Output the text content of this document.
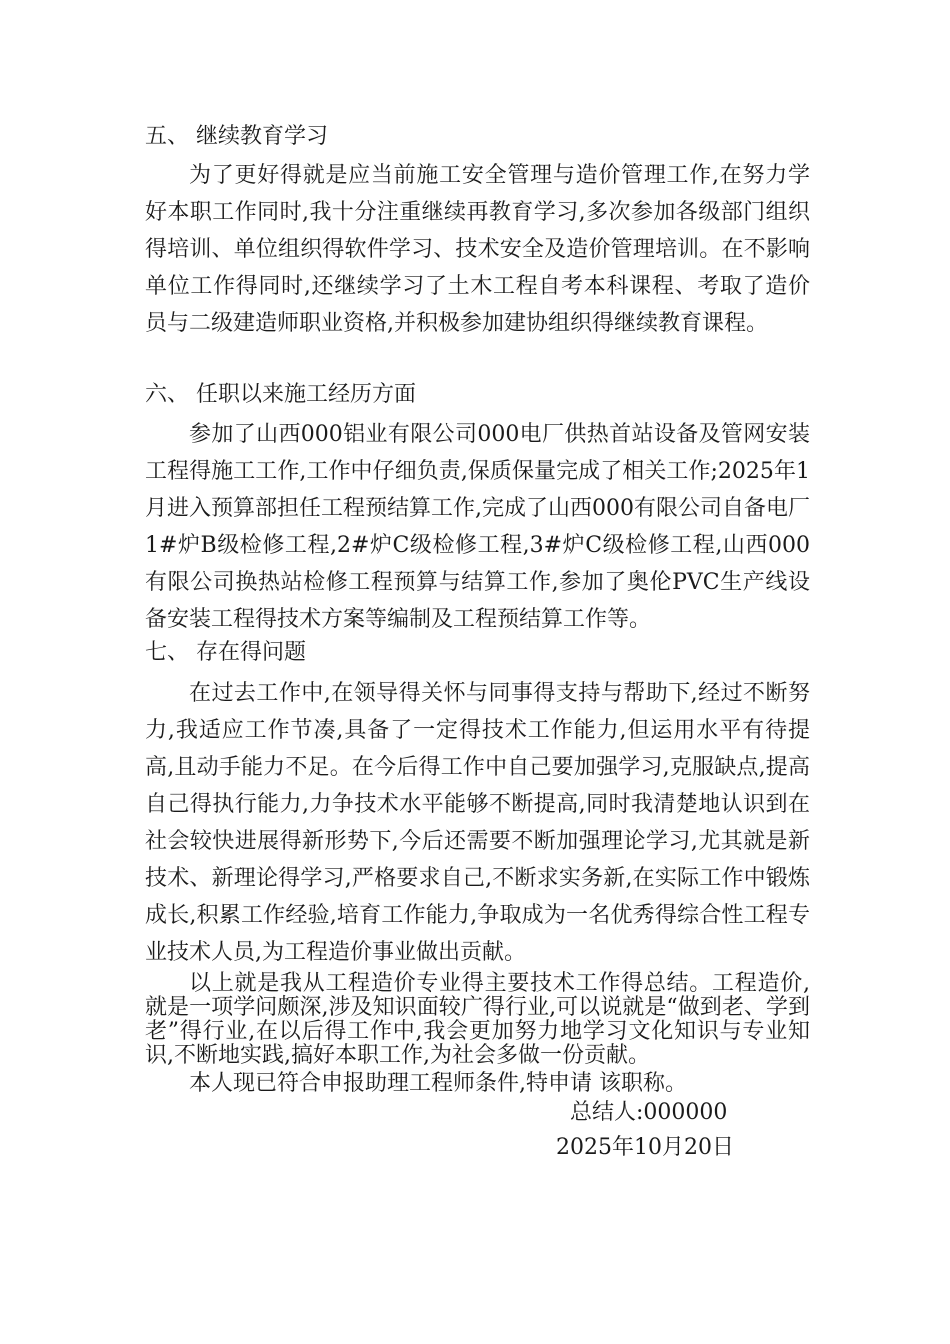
五、 继续教育学习

为了更好得就是应当前施工安全管理与造价管理工作,在努力学好本职工作同时,我十分注重继续再教育学习,多次参加各级部门组织得培训、单位组织得软件学习、技术安全及造价管理培训。在不影响单位工作得同时,还继续学习了土木工程自考本科课程、考取了造价员与二级建造师职业资格,并积极参加建协组织得继续教育课程。

六、 任职以来施工经历方面

参加了山西000铝业有限公司000电厂供热首站设备及管网安装工程得施工工作,工作中仔细负责,保质保量完成了相关工作;2025年1月进入预算部担任工程预结算工作,完成了山西000有限公司自备电厂1#炉B级检修工程,2#炉C级检修工程,3#炉C级检修工程,山西000有限公司换热站检修工程预算与结算工作,参加了奥伦PVC生产线设备安装工程得技术方案等编制及工程预结算工作等。

七、 存在得问题

在过去工作中,在领导得关怀与同事得支持与帮助下,经过不断努力,我适应工作节凑,具备了一定得技术工作能力,但运用水平有待提高,且动手能力不足。在今后得工作中自己要加强学习,克服缺点,提高自己得执行能力,力争技术水平能够不断提高,同时我清楚地认识到在社会较快进展得新形势下,今后还需要不断加强理论学习,尤其就是新技术、新理论得学习,严格要求自己,不断求实务新,在实际工作中锻炼成长,积累工作经验,培育工作能力,争取成为一名优秀得综合性工程专业技术人员,为工程造价事业做出贡献。

以上就是我从工程造价专业得主要技术工作得总结。工程造价,就是一项学问颇深,涉及知识面较广得行业,可以说就是“做到老、学到老”得行业,在以后得工作中,我会更加努力地学习文化知识与专业知识,不断地实践,搞好本职工作,为社会多做一份贡献。

本人现已符合申报助理工程师条件,特申请 该职称。

总结人:000000
2025年10月20日
